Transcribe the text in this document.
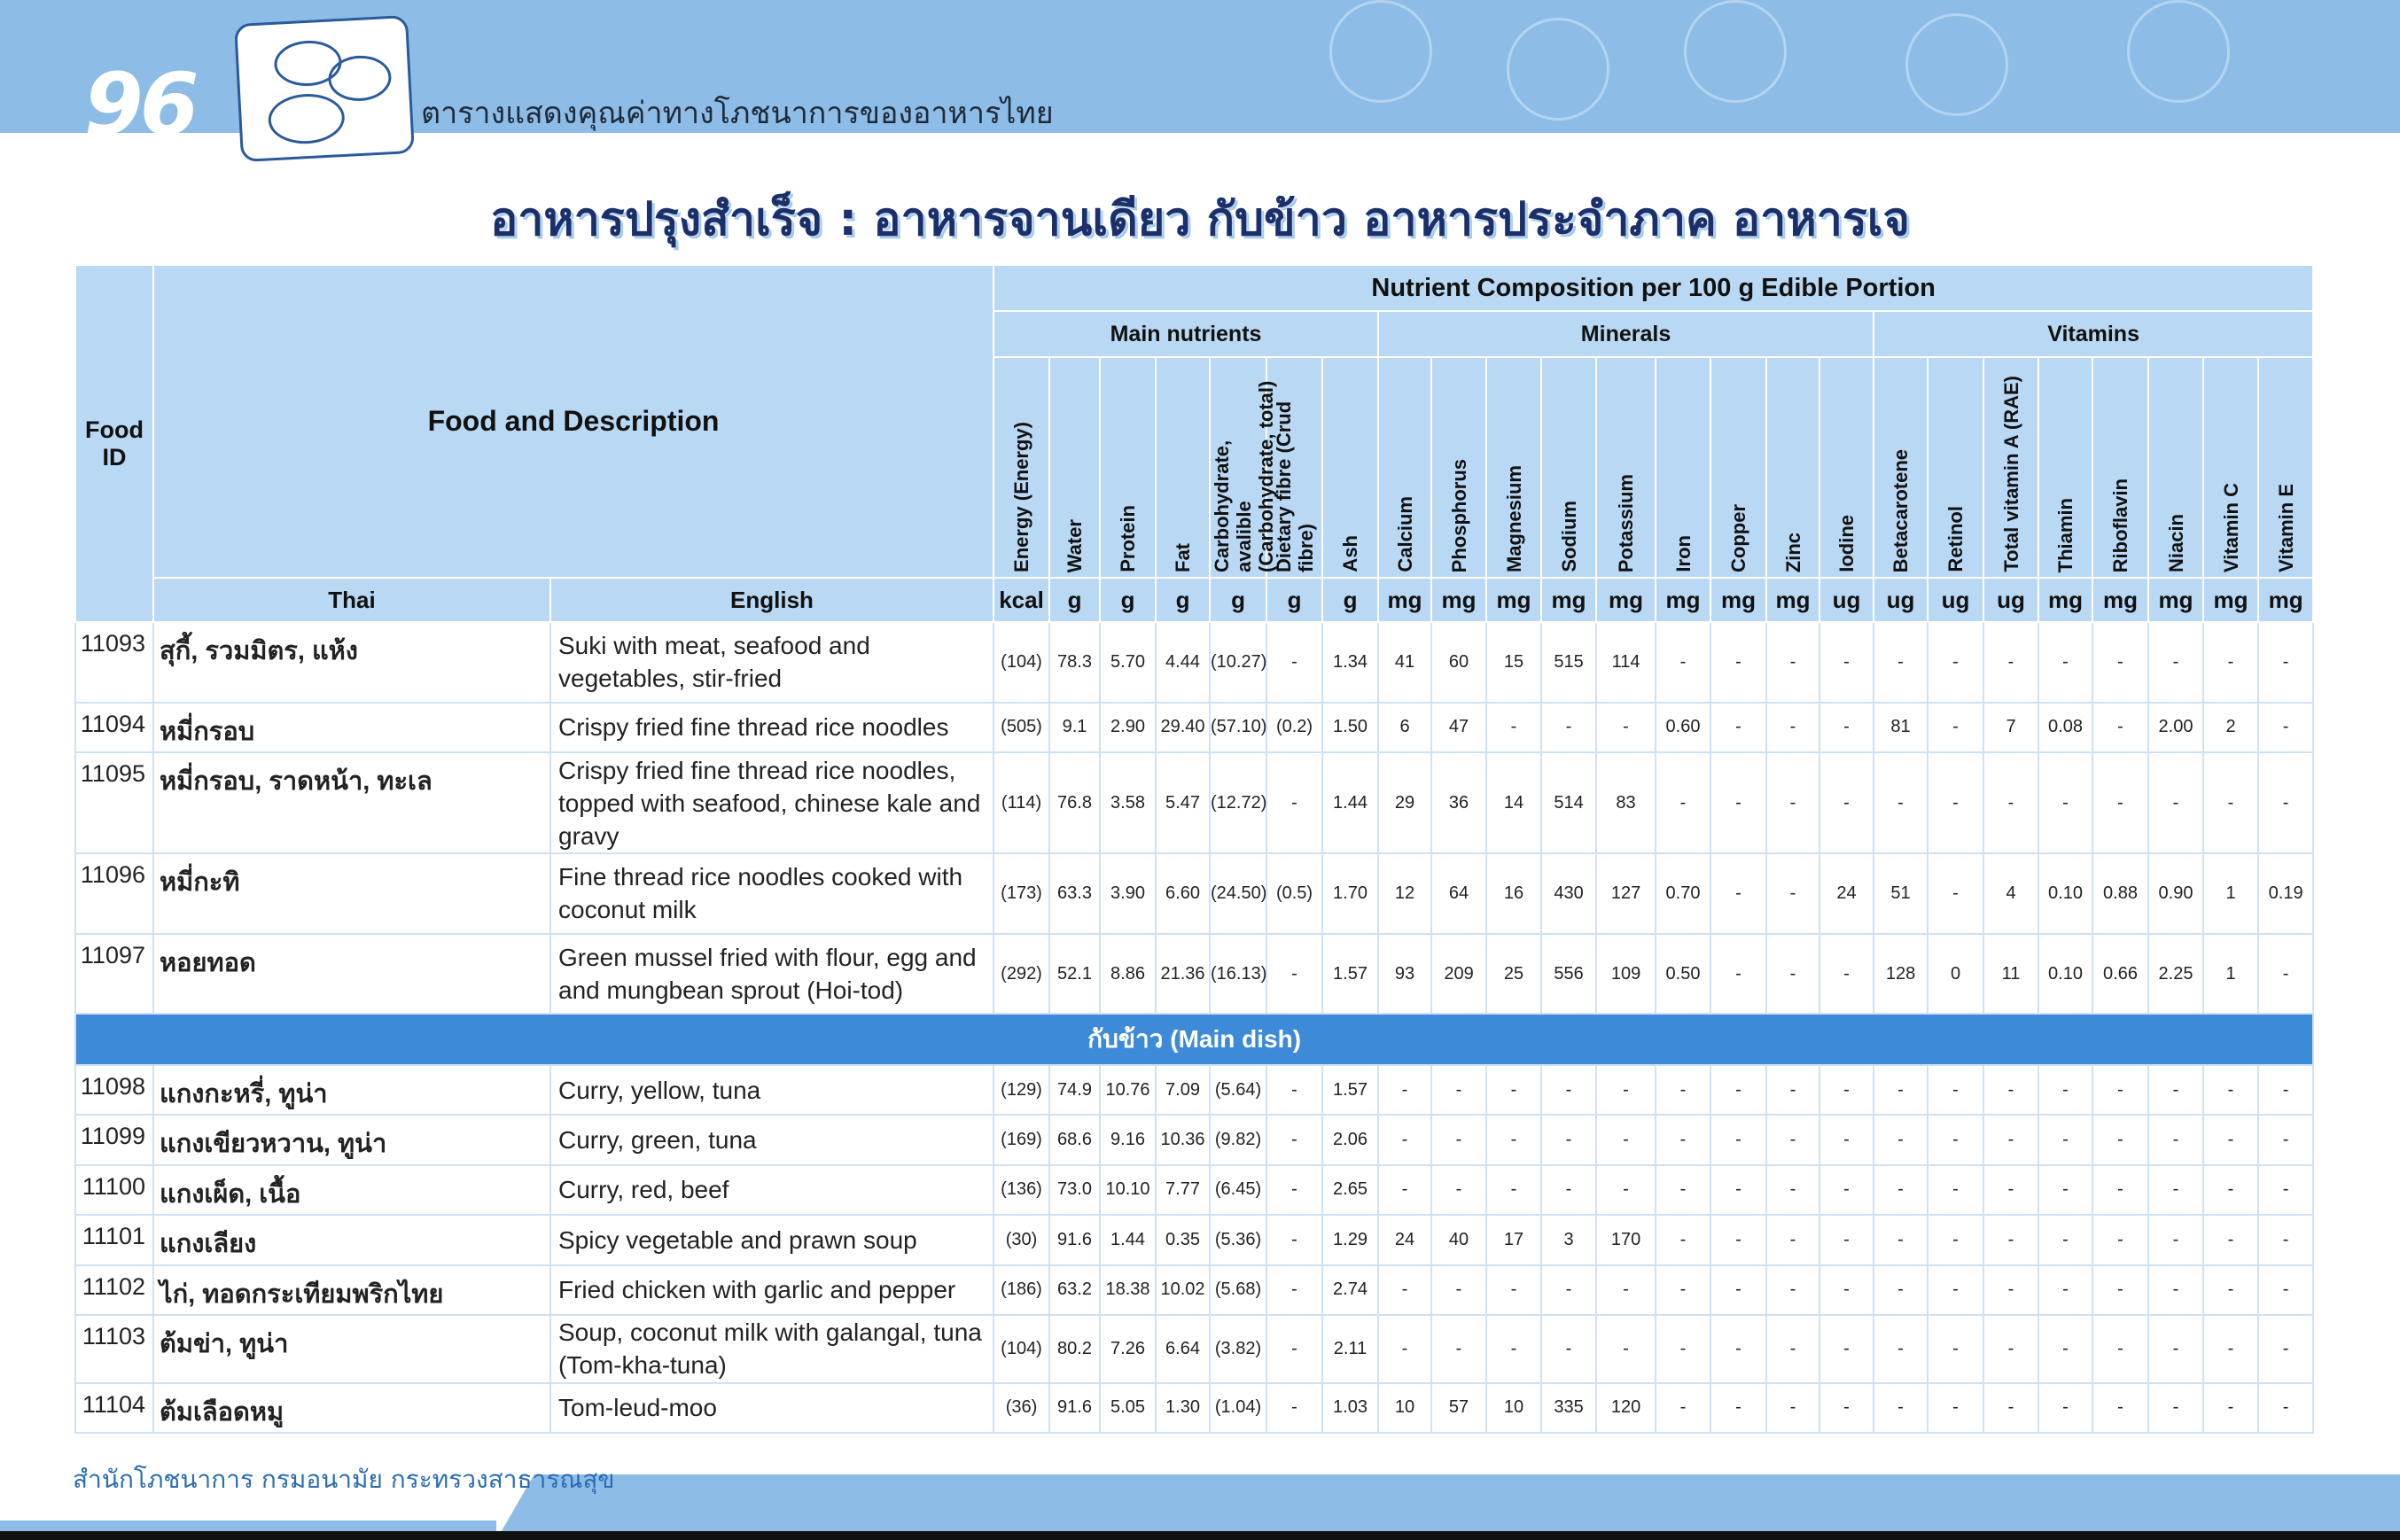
96	ตารางแสดงคุณค่าทางโภชนาการของอาหารไทย
อาหารปรุงสำเร็จ : อาหารจานเดียว กับข้าว อาหารประจำภาค อาหารเจ
Food ID	Food and Description		Nutrient Composition per 100 g Edible Portion																							
			Main nutrients							Minerals									Vitamins							
			Energy (Energy)	Water	Protein	Fat	Carbohydrate, avalible (Carbohydrate, total)	Dietary fibre (Crud fibre)	Ash	Calcium	Phosphorus	Magnesium	Sodium	Potassium	Iron	Copper	Zinc	Iodine	Betacarotene	Retinol	Total vitamin A (RAE)	Thiamin	Riboflavin	Niacin	Vitamin C	Vitamin E
	Thai	English	kcal	g	g	g	g	g	g	mg	mg	mg	mg	mg	mg	mg	mg	ug	ug	ug	ug	mg	mg	mg	mg	mg
11093	สุกี้, รวมมิตร, แห้ง	Suki with meat, seafood and vegetables, stir-fried	(104)	78.3	5.70	4.44	(10.27)	-	1.34	41	60	15	515	114	-	-	-	-	-	-	-	-	-	-	-	-
11094	หมี่กรอบ	Crispy fried fine thread rice noodles	(505)	9.1	2.90	29.40	(57.10)	(0.2)	1.50	6	47	-	-	-	0.60	-	-	-	81	-	7	0.08	-	2.00	2	-
11095	หมี่กรอบ, ราดหน้า, ทะเล	Crispy fried fine thread rice noodles, topped with seafood, chinese kale and gravy	(114)	76.8	3.58	5.47	(12.72)	-	1.44	29	36	14	514	83	-	-	-	-	-	-	-	-	-	-	-	-
11096	หมี่กะทิ	Fine thread rice noodles cooked with coconut milk	(173)	63.3	3.90	6.60	(24.50)	(0.5)	1.70	12	64	16	430	127	0.70	-	-	24	51	-	4	0.10	0.88	0.90	1	0.19
11097	หอยทอด	Green mussel fried with flour, egg and and mungbean sprout (Hoi-tod)	(292)	52.1	8.86	21.36	(16.13)	-	1.57	93	209	25	556	109	0.50	-	-	-	128	0	11	0.10	0.66	2.25	1	-
กับข้าว (Main dish)																										
11098	แกงกะหรี่, ทูน่า	Curry, yellow, tuna	(129)	74.9	10.76	7.09	(5.64)	-	1.57	-	-	-	-	-	-	-	-	-	-	-	-	-	-	-	-	-
11099	แกงเขียวหวาน, ทูน่า	Curry, green, tuna	(169)	68.6	9.16	10.36	(9.82)	-	2.06	-	-	-	-	-	-	-	-	-	-	-	-	-	-	-	-	-
11100	แกงเผ็ด, เนื้อ	Curry, red, beef	(136)	73.0	10.10	7.77	(6.45)	-	2.65	-	-	-	-	-	-	-	-	-	-	-	-	-	-	-	-	-
11101	แกงเลียง	Spicy vegetable and prawn soup	(30)	91.6	1.44	0.35	(5.36)	-	1.29	24	40	17	3	170	-	-	-	-	-	-	-	-	-	-	-	-
11102	ไก่, ทอดกระเทียมพริกไทย	Fried chicken with garlic and pepper	(186)	63.2	18.38	10.02	(5.68)	-	2.74	-	-	-	-	-	-	-	-	-	-	-	-	-	-	-	-	-
11103	ต้มข่า, ทูน่า	Soup, coconut milk with galangal, tuna (Tom-kha-tuna)	(104)	80.2	7.26	6.64	(3.82)	-	2.11	-	-	-	-	-	-	-	-	-	-	-	-	-	-	-	-	-
11104	ต้มเลือดหมู	Tom-leud-moo	(36)	91.6	5.05	1.30	(1.04)	-	1.03	10	57	10	335	120	-	-	-	-	-	-	-	-	-	-	-	-
สำนักโภชนาการ กรมอนามัย กระทรวงสาธารณสุข
